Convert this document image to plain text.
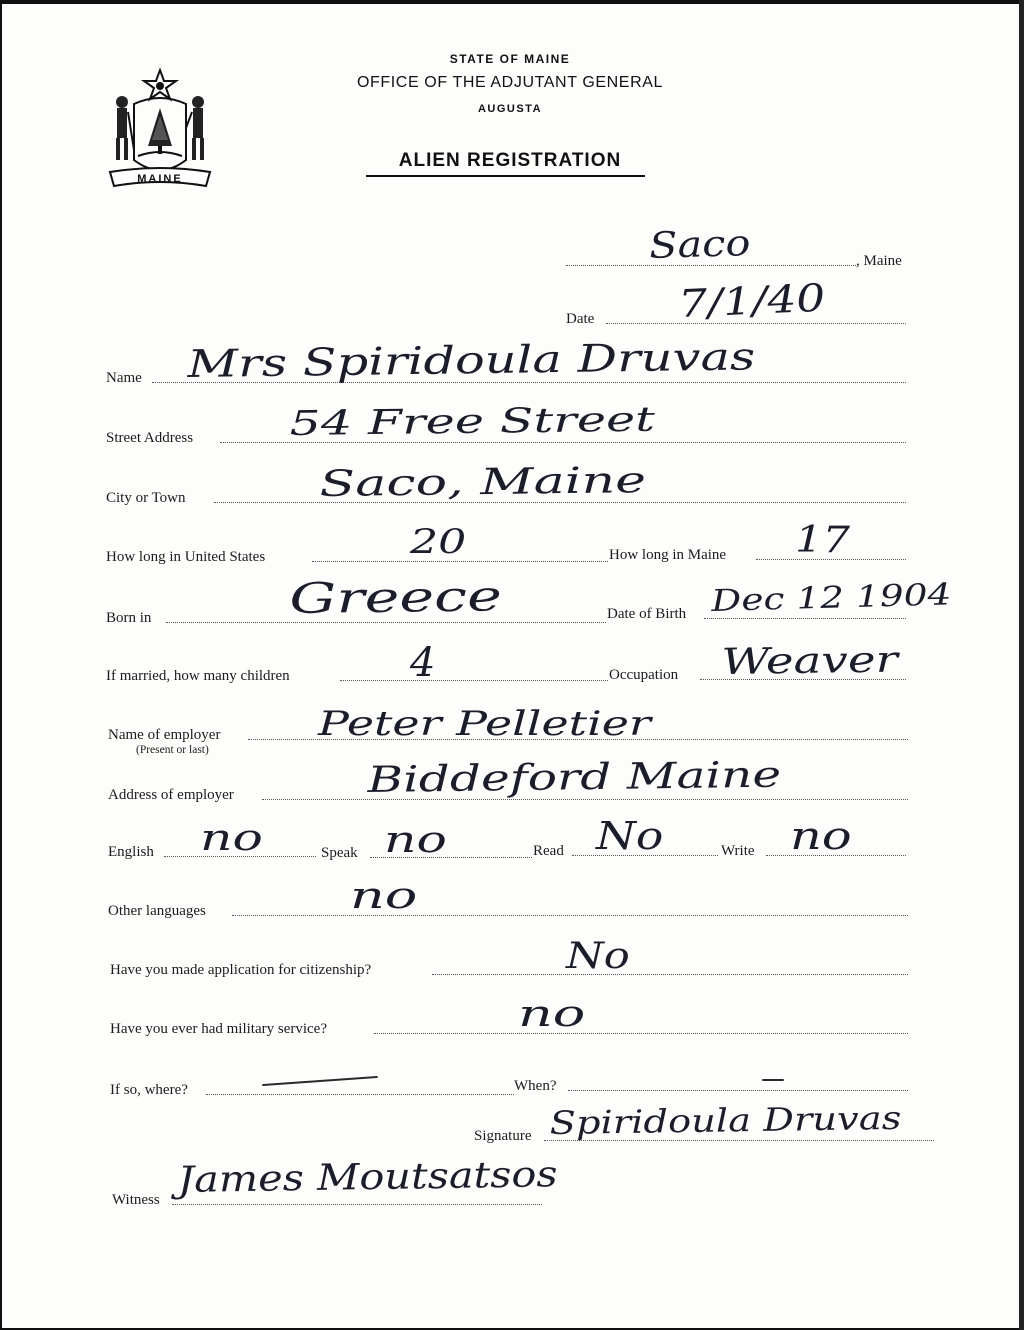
MAINE
STATE OF MAINE
OFFICE OF THE ADJUTANT GENERAL
AUGUSTA
ALIEN REGISTRATION
Saco	, Maine
Date 7/1/40
Name Mrs Spiridoula Druvas
Street Address	54 Free Street
City or Town	Saco, Maine
How long in United States	20	How long in Maine 17
Born in	Greece	Date of Birth Dec 12 1904
If married, how many children	4	Occupation Weaver
Name of employer
(Present or last)
Peter Pelletier
Address of employer	Biddeford Maine
English no	Speak no	Read No	Write no
Other languages	no
Have you made application for citizenship?	No
Have you ever had military service?	no
If so, where?	When?
Signature Spiridoula Druvas
Witness James Moutsatsos
